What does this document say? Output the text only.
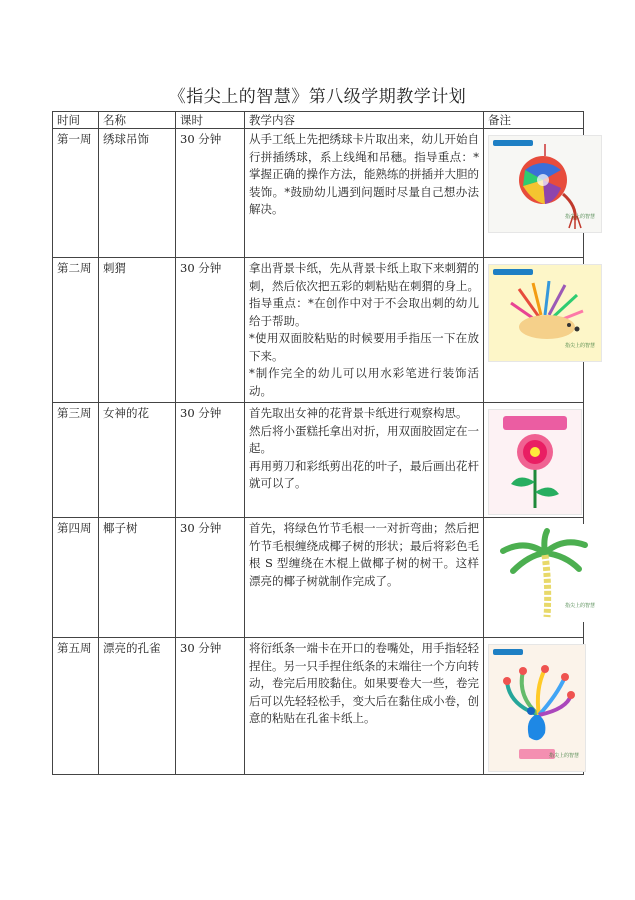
《指尖上的智慧》第八级学期教学计划
时间	名称	课时	教学内容	备注
第一周	绣球吊饰	30 分钟	从手工纸上先把绣球卡片取出来，幼儿开始自行拼插绣球，系上线绳和吊穗。指导重点：*掌握正确的操作方法，能熟练的拼插并大胆的装饰。*鼓励幼儿遇到问题时尽量自己想办法解决。	指尖上的智慧

第二周	刺猬	30 分钟	拿出背景卡纸，先从背景卡纸上取下来刺猬的刺，然后依次把五彩的刺粘贴在刺猬的身上。指导重点：*在创作中对于不会取出刺的幼儿给于帮助。

*使用双面胶粘贴的时候要用手指压一下在放下来。

*制作完全的幼儿可以用水彩笔进行装饰活动。	指尖上的智慧

第三周	女神的花	30 分钟	首先取出女神的花背景卡纸进行观察构思。

然后将小蛋糕托拿出对折，用双面胶固定在一起。

再用剪刀和彩纸剪出花的叶子，最后画出花杆就可以了。

第四周	椰子树	30 分钟	首先，将绿色竹节毛根一一对折弯曲；然后把竹节毛根缠绕成椰子树的形状；最后将彩色毛根 S 型缠绕在木棍上做椰子树的树干。这样漂亮的椰子树就制作完成了。	指尖上的智慧

第五周	漂亮的孔雀	30 分钟	将衍纸条一端卡在开口的卷嘴处，用手指轻轻捏住。另一只手捏住纸条的末端往一个方向转动，卷完后用胶黏住。如果要卷大一些，卷完后可以先轻轻松手，变大后在黏住成小卷，创意的粘贴在孔雀卡纸上。	指尖上的智慧
